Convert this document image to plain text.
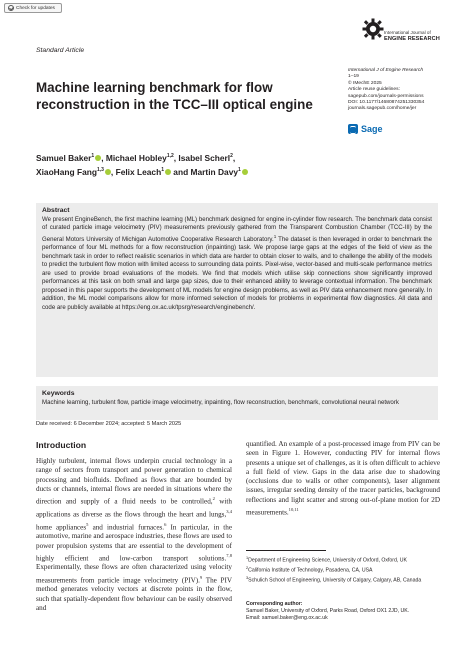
Check for updates
Standard Article
International Journal of
ENGINE RESEARCH
International J of Engine Research
1–19
© IMechE 2025
Article reuse guidelines:
sagepub.com/journals-permissions
DOI: 10.1177/14680874251330354
journals.sagepub.com/home/jer
Sage
Machine learning benchmark for flow reconstruction in the TCC–III optical engine
Samuel Baker$^1$ , Michael Hobley$^{1,2}$, Isabel Scherl$^2$,
XiaoHang Fang$^{1,3}$ , Felix Leach$^1$ and Martin Davy$^1$
Abstract

We present EngineBench, the first machine learning (ML) benchmark designed for engine in-cylinder flow research. The benchmark data consist of curated particle image velocimetry (PIV) measurements previously gathered from the Transparent Combustion Chamber (TCC-III) by the General Motors University of Michigan Automotive Cooperative Research Laboratory.$^1$ The dataset is then leveraged in order to benchmark the performance of four ML methods for a flow reconstruction (inpainting) task. We propose large gaps at the edges of the field of view as the benchmark task in order to reflect realistic scenarios in which data are harder to obtain closer to walls, and to challenge the ability of the models to predict the turbulent flow motion with limited access to surrounding data points. Pixel-wise, vector-based and multi-scale performance metrics are used to provide broad evaluations of the models. We find that models which utilise skip connections show significantly improved performances at this task on both small and large gap sizes, due to their enhanced ability to leverage contextual information. The benchmark proposed in this paper supports the development of ML models for engine design problems, as well as PIV data enhancement more generally. In addition, the ML model comparisons allow for more informed selection of models for problems in experimental flow diagnostics. All data and code are publicly available at https://eng.ox.ac.uk/tpsrg/research/enginebench/.

Keywords
Machine learning, turbulent flow, particle image velocimetry, inpainting, flow reconstruction, benchmark, convolutional neural network
Date received: 6 December 2024; accepted: 5 March 2025
Introduction

Highly turbulent, internal flows underpin crucial technology in a range of sectors from transport and power generation to chemical processing and biofluids. Defined as flows that are bounded by ducts or channels, internal flows are needed in situations where the direction and supply of a fluid needs to be controlled,$^2$ with applications as diverse as the flows through the heart and lungs,$^{3,4}$ home appliances$^5$ and industrial furnaces.$^6$ In particular, in the automotive, marine and aerospace industries, these flows are used to power propulsion systems that are essential to the development of highly efficient and low-carbon transport solutions.$^{7,8}$ Experimentally, these flows are often characterized using velocity measurements from particle image velocimetry (PIV).$^9$ The PIV method generates velocity vectors at discrete points in the flow, such that spatially-dependent flow behaviour can be easily observed and

quantified. An example of a post-processed image from PIV can be seen in Figure 1. However, conducting PIV for internal flows presents a unique set of challenges, as it is often difficult to achieve a full field of view. Gaps in the data arise due to shadowing (occlusions due to walls or other components), laser alignment issues, irregular seeding density of the tracer particles, background reflections and light scatter and strong out-of-plane motion for 2D measurements.$^{10,11}$

$^1$Department of Engineering Science, University of Oxford, Oxford, UK
$^2$California Institute of Technology, Pasadena, CA, USA
$^3$Schulich School of Engineering, University of Calgary, Calgary, AB, Canada
Corresponding author:
Samuel Baker, University of Oxford, Parks Road, Oxford OX1 2JD, UK.
Email: samuel.baker@eng.ox.ac.uk
